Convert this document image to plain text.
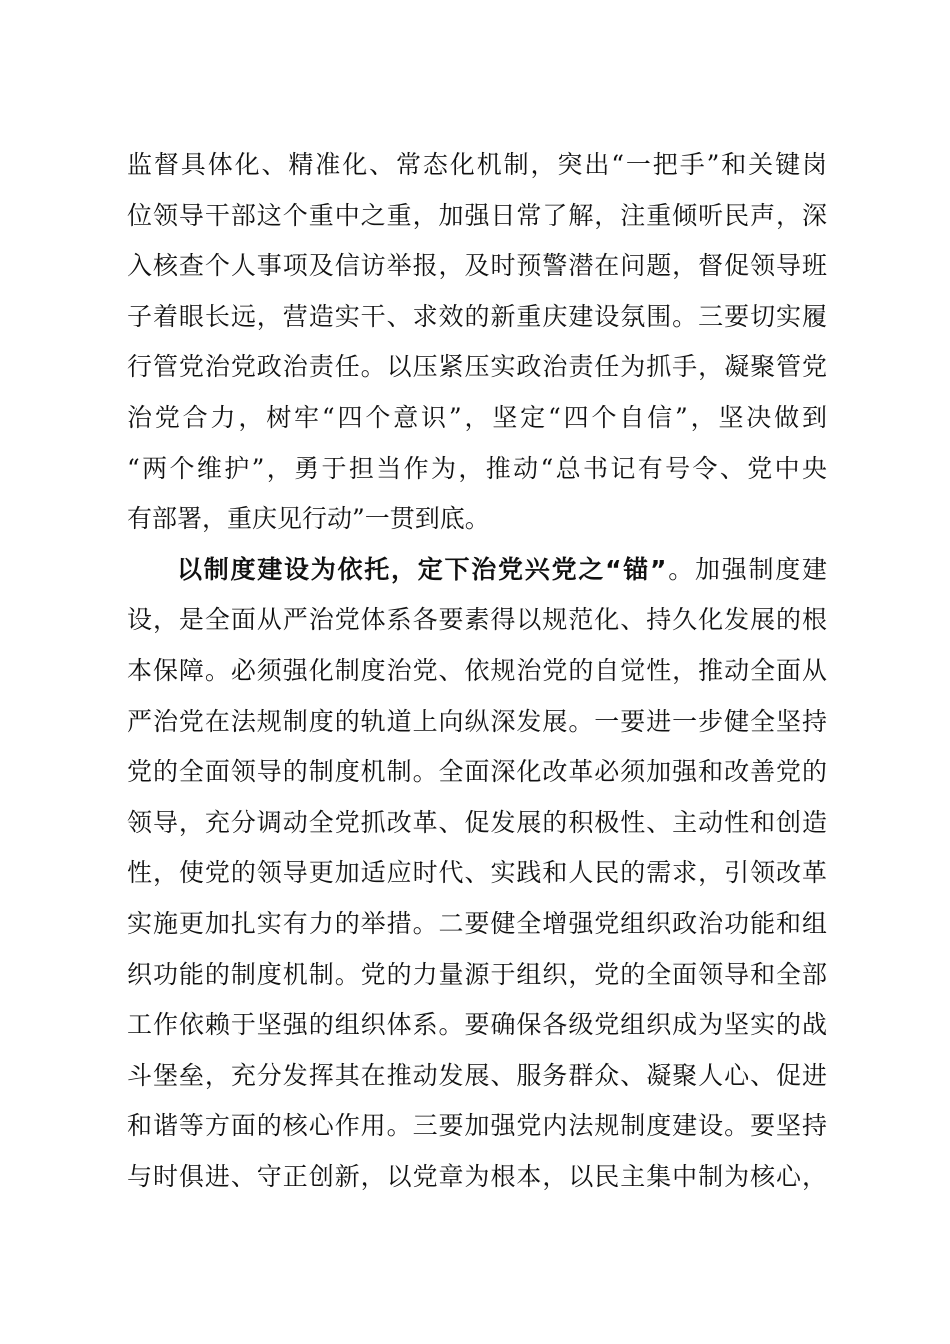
监督具体化、精准化、常态化机制，突出“一把手”和关键岗
位领导干部这个重中之重，加强日常了解，注重倾听民声，深
入核查个人事项及信访举报，及时预警潜在问题，督促领导班
子着眼长远，营造实干、求效的新重庆建设氛围。三要切实履
行管党治党政治责任。以压紧压实政治责任为抓手，凝聚管党
治党合力，树牢“四个意识”，坚定“四个自信”，坚决做到
“两个维护”，勇于担当作为，推动“总书记有号令、党中央
有部署，重庆见行动”一贯到底。
以制度建设为依托，定下治党兴党之“锚”。加强制度建
设，是全面从严治党体系各要素得以规范化、持久化发展的根
本保障。必须强化制度治党、依规治党的自觉性，推动全面从
严治党在法规制度的轨道上向纵深发展。一要进一步健全坚持
党的全面领导的制度机制。全面深化改革必须加强和改善党的
领导，充分调动全党抓改革、促发展的积极性、主动性和创造
性，使党的领导更加适应时代、实践和人民的需求，引领改革
实施更加扎实有力的举措。二要健全增强党组织政治功能和组
织功能的制度机制。党的力量源于组织，党的全面领导和全部
工作依赖于坚强的组织体系。要确保各级党组织成为坚实的战
斗堡垒，充分发挥其在推动发展、服务群众、凝聚人心、促进
和谐等方面的核心作用。三要加强党内法规制度建设。要坚持
与时俱进、守正创新，以党章为根本，以民主集中制为核心，
